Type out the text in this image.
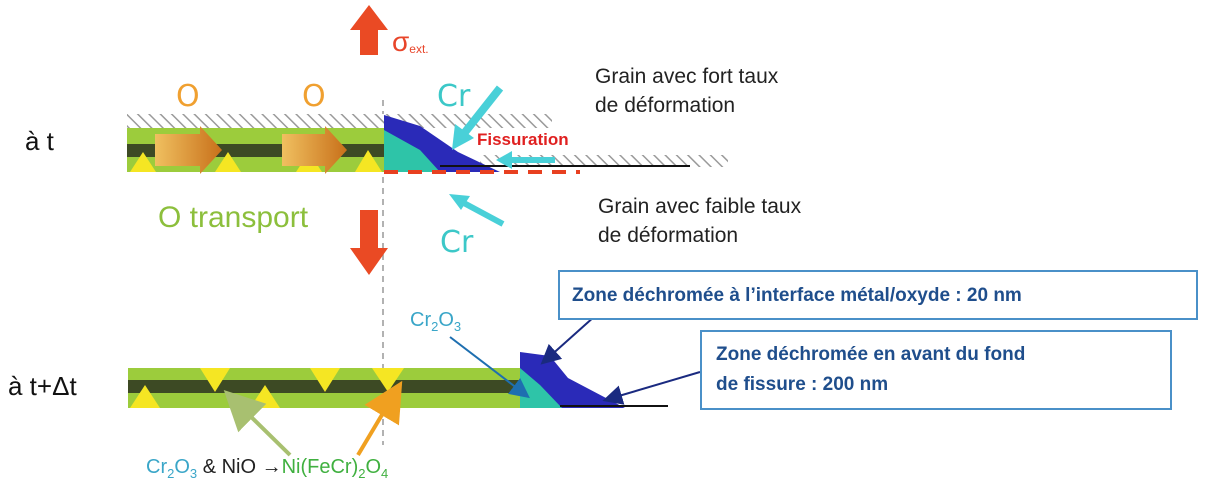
à t
à t+Δt
$\sigma_{ext.}$
O	O	Cr
Cr
Fissuration
O transport
Grain avec fort taux
de déformation
Grain avec faible taux
de déformation
Zone déchromée à l’interface métal/oxyde : 20 nm
Zone déchromée en avant du fond
de fissure : 200 nm
$Cr_2O_3$
$Cr_2O_3$ & NiO $\to Ni(FeCr)_2O_4$
